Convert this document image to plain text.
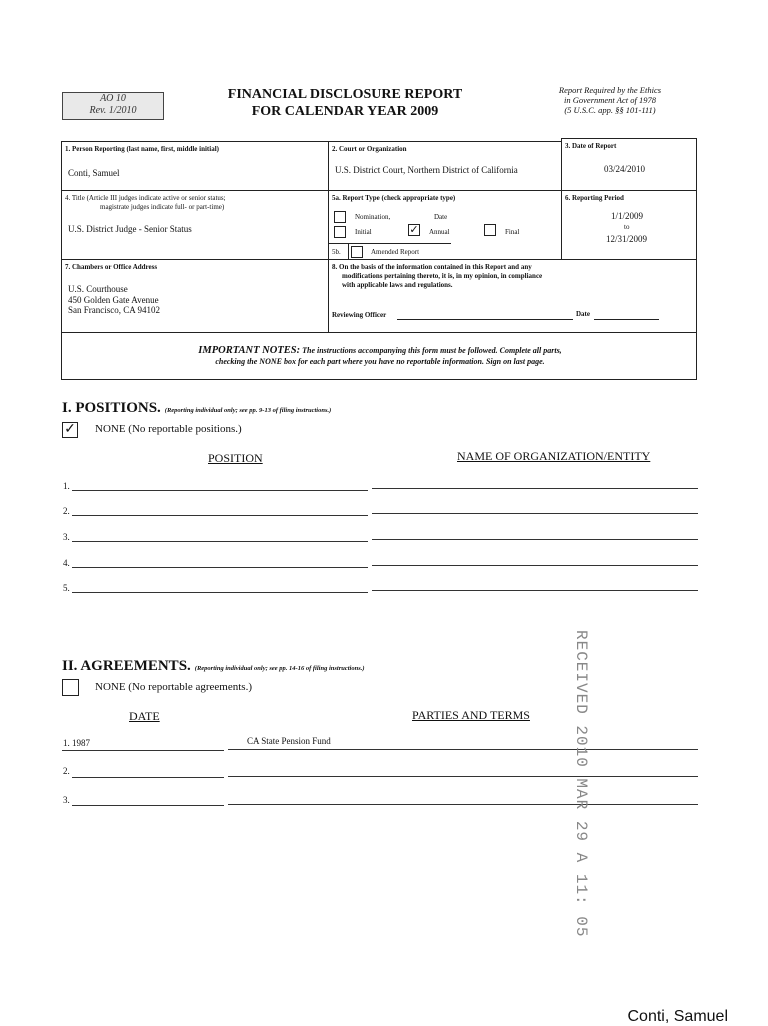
AO 10
Rev. 1/2010
FINANCIAL DISCLOSURE REPORT
FOR CALENDAR YEAR 2009
Report Required by the Ethics
in Government Act of 1978
(5 U.S.C. app. §§ 101-111)
1. Person Reporting (last name, first, middle initial)
Conti, Samuel
2. Court or Organization
U.S. District Court, Northern District of California
3. Date of Report
03/24/2010
4. Title (Article III judges indicate active or senior status;
magistrate judges indicate full- or part-time)
U.S. District Judge - Senior Status
5a. Report Type (check appropriate type)
Nomination,	Date
Initial	✓ Annual	Final
5b.	Amended Report
6. Reporting Period
1/1/2009
to
12/31/2009
7. Chambers or Office Address
U.S. Courthouse
450 Golden Gate Avenue
San Francisco, CA 94102
8. On the basis of the information contained in this Report and any
modifications pertaining thereto, it is, in my opinion, in compliance
with applicable laws and regulations.
Reviewing Officer	Date
IMPORTANT NOTES: The instructions accompanying this form must be followed. Complete all parts,
checking the NONE box for each part where you have no reportable information. Sign on last page.
I. POSITIONS. (Reporting individual only; see pp. 9-13 of filing instructions.)
✓ NONE (No reportable positions.)
POSITION	NAME OF ORGANIZATION/ENTITY
1.
2.
3.
4.
5.
II. AGREEMENTS. (Reporting individual only; see pp. 14-16 of filing instructions.)
NONE (No reportable agreements.)
DATE	PARTIES AND TERMS
1. 1987	CA State Pension Fund
2.
3.	RECEIVED 2010 MAR 29 A 11: 05
Conti, Samuel
